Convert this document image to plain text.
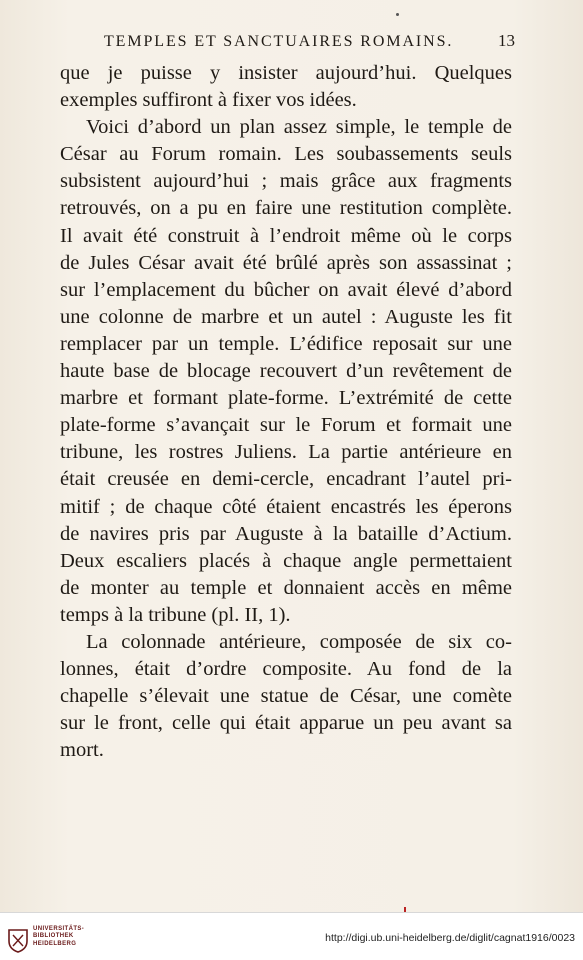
TEMPLES ET SANCTUAIRES ROMAINS.	13
que je puisse y insister aujourd’hui. Quelques
exemples suffiront à fixer vos idées.
Voici d’abord un plan assez simple, le temple de
César au Forum romain. Les soubassements seuls
subsistent aujourd’hui ; mais grâce aux fragments
retrouvés, on a pu en faire une restitution complète.
Il avait été construit à l’endroit même où le corps
de Jules César avait été brûlé après son assassinat ;
sur l’emplacement du bûcher on avait élevé d’abord
une colonne de marbre et un autel : Auguste les fit
remplacer par un temple. L’édifice reposait sur une
haute base de blocage recouvert d’un revêtement de
marbre et formant plate-forme. L’extrémité de cette
plate-forme s’avançait sur le Forum et formait une
tribune, les rostres Juliens. La partie antérieure en
était creusée en demi-cercle, encadrant l’autel pri-
mitif ; de chaque côté étaient encastrés les éperons
de navires pris par Auguste à la bataille d’Actium.
Deux escaliers placés à chaque angle permettaient
de monter au temple et donnaient accès en même
temps à la tribune (pl. II, 1).
La colonnade antérieure, composée de six co-
lonnes, était d’ordre composite. Au fond de la
chapelle s’élevait une statue de César, une comète
sur le front, celle qui était apparue un peu avant sa
mort.
UNIVERSITÄTS-
BIBLIOTHEK
HEIDELBERG	http://digi.ub.uni-heidelberg.de/diglit/cagnat1916/0023
